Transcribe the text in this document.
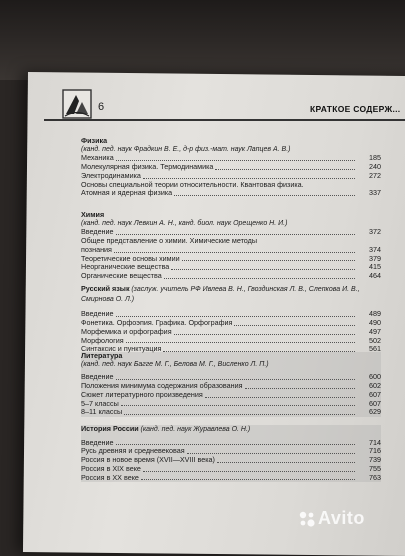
6	КРАТКОЕ СОДЕРЖ...
Физика
(канд. пед. наук Фрадкин В. Е., д-р физ.-мат. наук Лапцев А. В.)
Механика	185
Молекулярная физика. Термодинамика	240
Электродинамика	272
Основы специальной теории относительности. Квантовая физика.
Атомная и ядерная физика	337
Химия
(канд. пед. наук Левкин А. Н., канд. биол. наук Орещенко Н. И.)
Введение	372
Общее представление о химии. Химические методы
познания	374
Теоретические основы химии	379
Неорганические вещества	415
Органические вещества	464
Русский язык (заслуж. учитель РФ Ивлева В. Н., Гвоздинская Л. В., Слепкова И. В., Смирнова О. Л.)
Введение	489
Фонетика. Орфоэпия. Графика. Орфография	490
Морфемика и орфография	497
Морфология	502
Синтаксис и пунктуация	561
Литература
(канд. пед. наук Багге М. Г., Белова М. Г., Висленко Л. П.)
Введение	600
Положения минимума содержания образования	602
Сюжет литературного произведения	607
5–7 классы	607
8–11 классы	629
История России (канд. пед. наук Журавлева О. Н.)
Введение	714
Русь древняя и средневековая	716
Россия в новое время (XVII—XVIII века)	739
Россия в XIX веке	755
Россия в XX веке	763
Avito
